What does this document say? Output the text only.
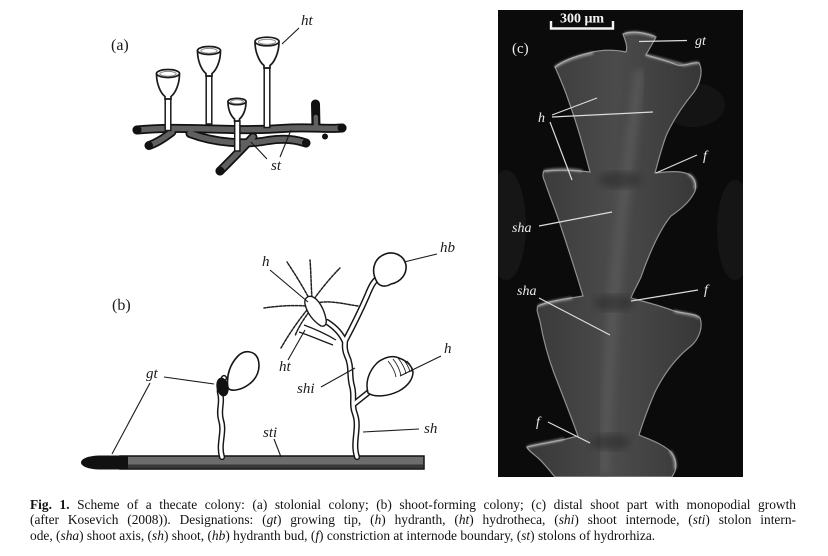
(a)
ht
st
(b)
h
hb
ht
shi
h
gt
sti	sh
300 μm
(c)	gt
h
f
sha
sha	f
f
Fig. 1. Scheme of a thecate colony: (a) stolonial colony; (b) shoot-forming colony; (c) distal shoot part with monopodial growth
(after Kosevich (2008)). Designations: (gt) growing tip, (h) hydranth, (ht) hydrotheca, (shi) shoot internode, (sti) stolon intern-
ode, (sha) shoot axis, (sh) shoot, (hb) hydranth bud, (f) constriction at internode boundary, (st) stolons of hydrorhiza.
